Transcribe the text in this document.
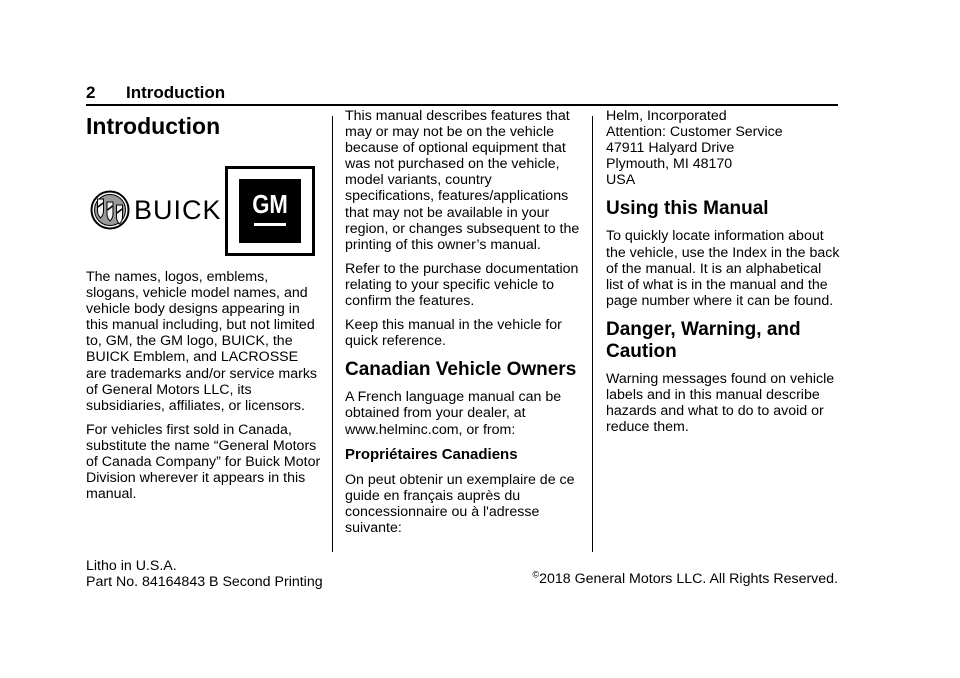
2 Introduction
Introduction
BUICK	GM

The names, logos, emblems, slogans, vehicle model names, and vehicle body designs appearing in this manual including, but not limited to, GM, the GM logo, BUICK, the BUICK Emblem, and LACROSSE are trademarks and/or service marks of General Motors LLC, its subsidiaries, affiliates, or licensors.

For vehicles first sold in Canada, substitute the name “General Motors of Canada Company” for Buick Motor Division wherever it appears in this manual.

This manual describes features that may or may not be on the vehicle because of optional equipment that was not purchased on the vehicle, model variants, country specifications, features/applications that may not be available in your region, or changes subsequent to the printing of this owner’s manual.

Refer to the purchase documentation relating to your specific vehicle to confirm the features.

Keep this manual in the vehicle for quick reference.

Canadian Vehicle Owners

A French language manual can be obtained from your dealer, at www.helminc.com, or from:

Propriétaires Canadiens

On peut obtenir un exemplaire de ce guide en français auprès du concessionnaire ou à l'adresse suivante:

Helm, Incorporated
Attention: Customer Service
47911 Halyard Drive
Plymouth, MI 48170
USA

Using this Manual

To quickly locate information about the vehicle, use the Index in the back of the manual. It is an alphabetical list of what is in the manual and the page number where it can be found.

Danger, Warning, and
Caution

Warning messages found on vehicle labels and in this manual describe hazards and what to do to avoid or reduce them.

Litho in U.S.A.
Part No. 84164843 B Second Printing	©2018 General Motors LLC. All Rights Reserved.
